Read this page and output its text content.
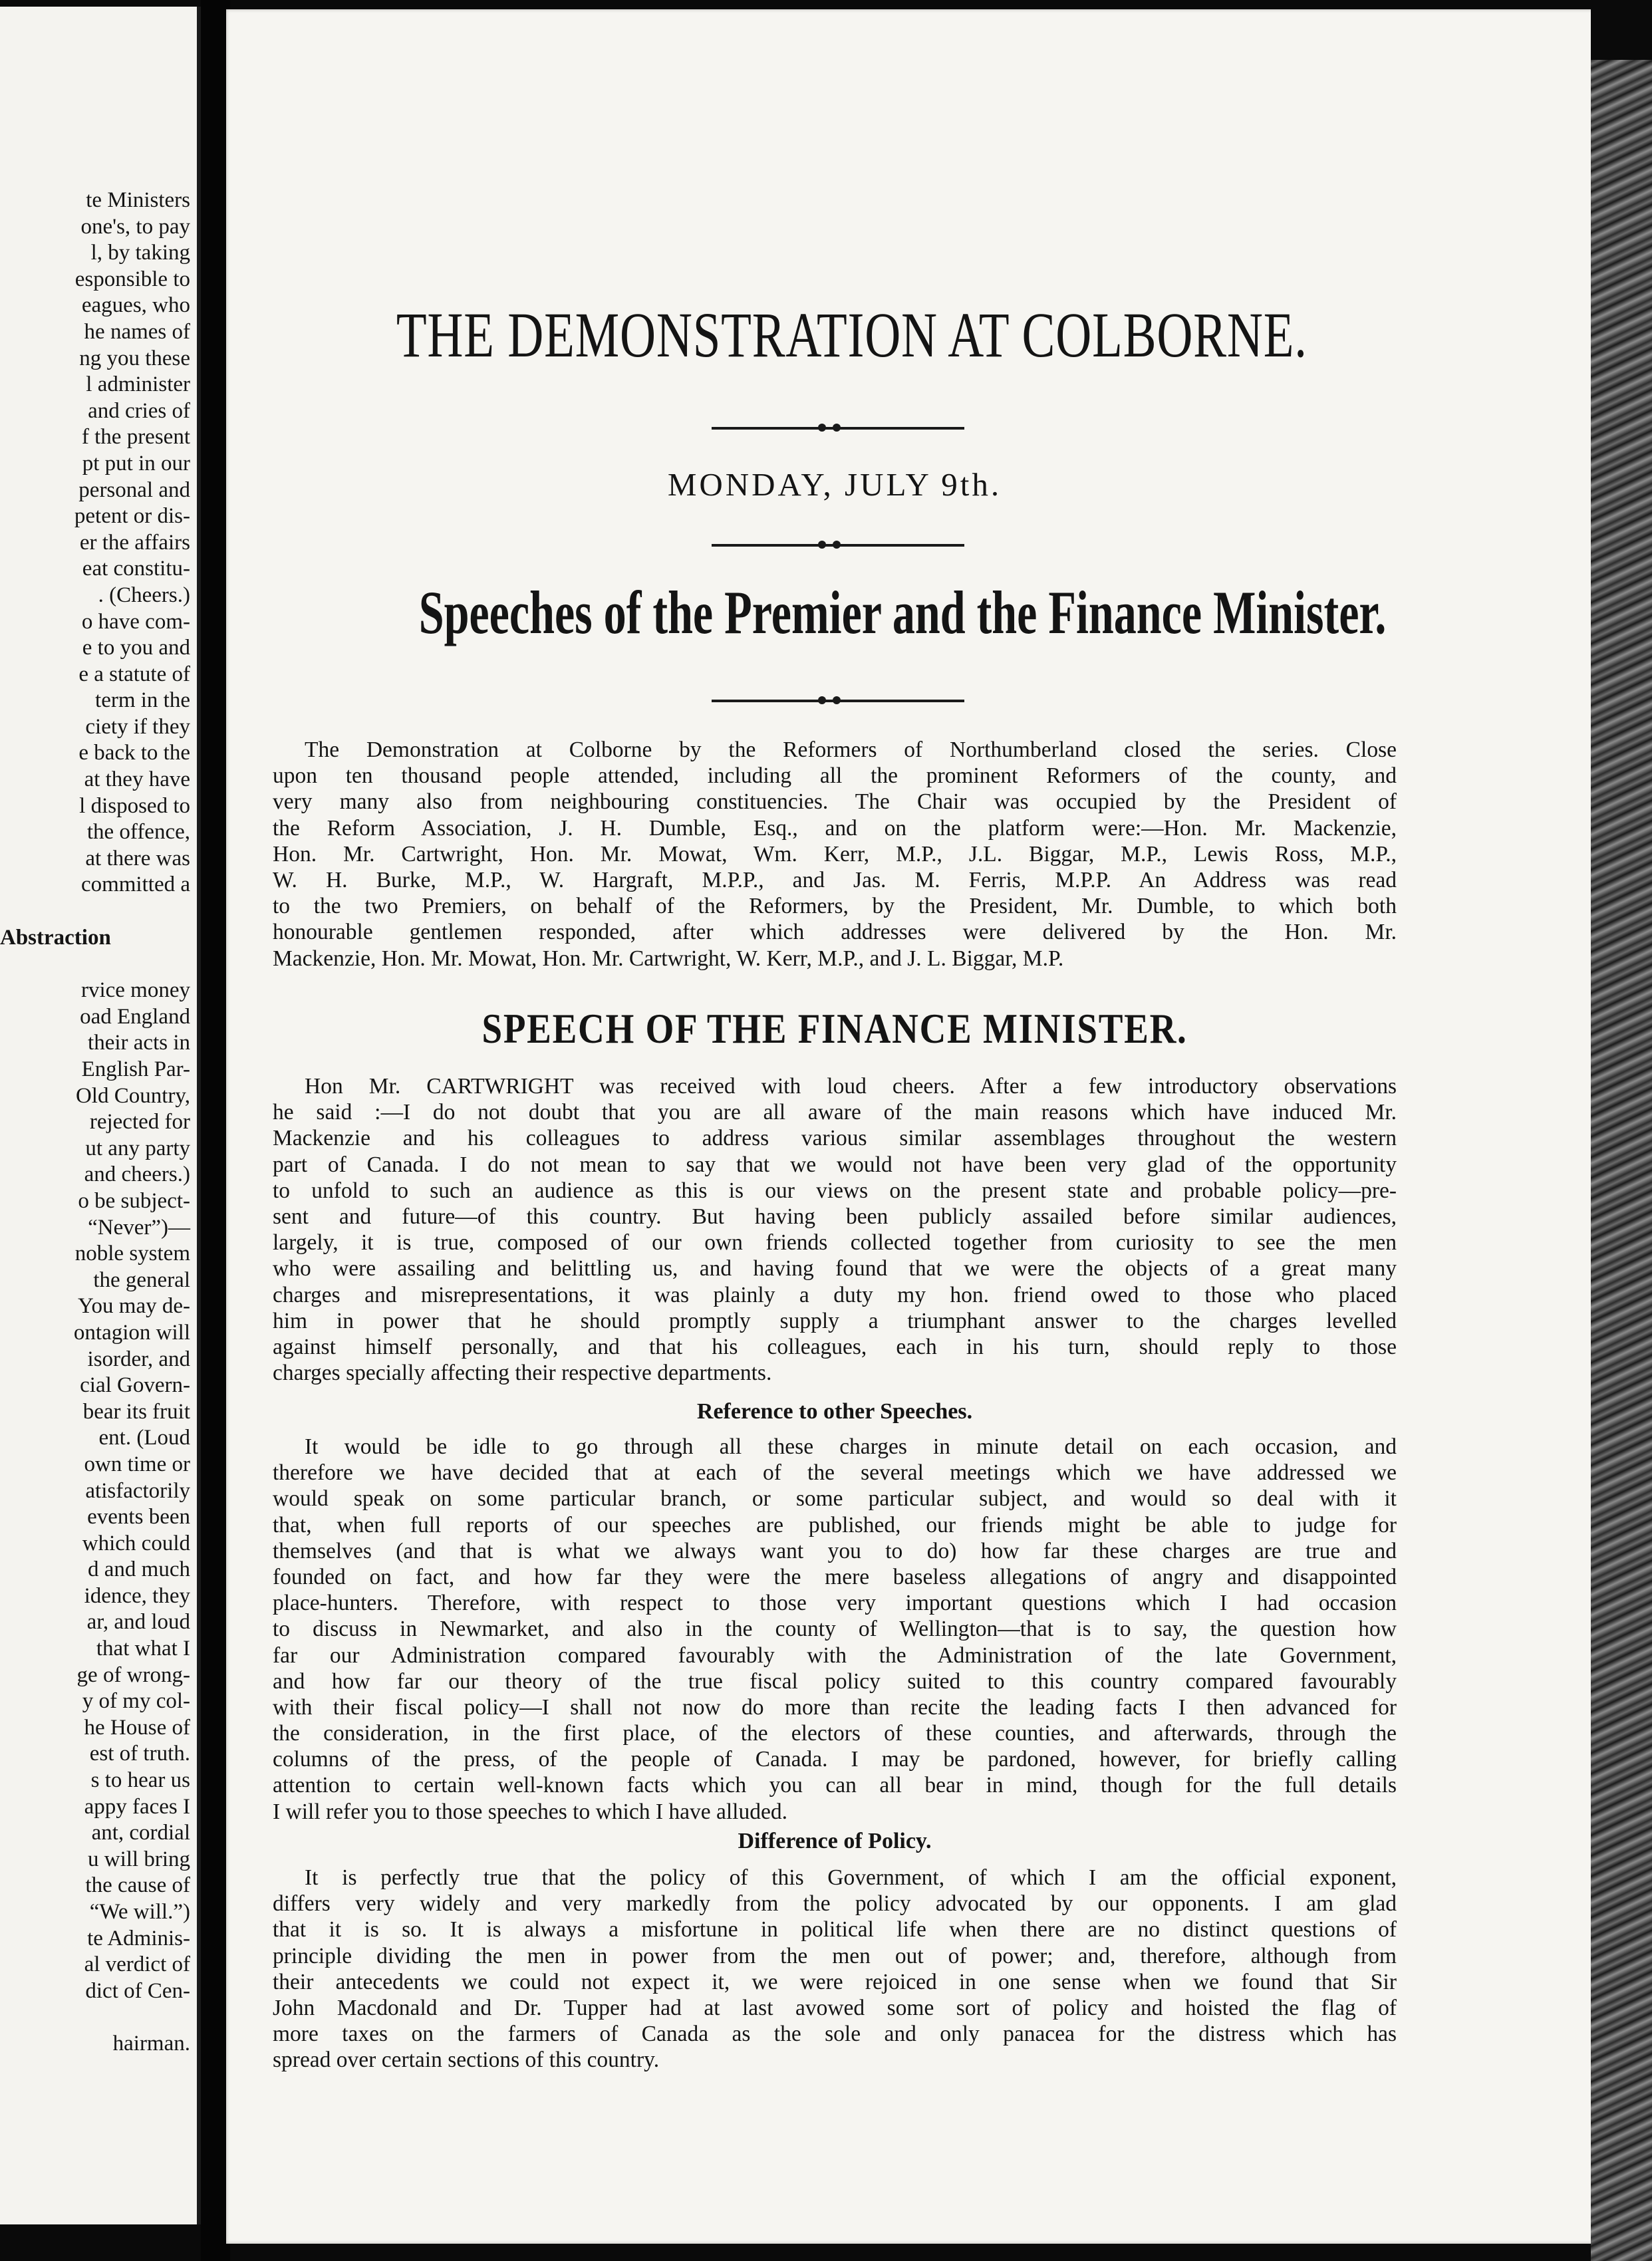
te Ministers
one's, to pay
l, by taking
esponsible to
eagues, who
he names of
ng you these
l administer
and cries of
f the present
pt put in our
personal and
petent or dis-
er the affairs
eat constitu-
. (Cheers.)
o have com-
e to you and
e a statute of
term in the
ciety if they
e back to the
at they have
l disposed to
the offence,
at there was
committed a
Abstraction
rvice money
oad England
their acts in
English Par-
Old Country,
rejected for
ut any party
and cheers.)
o be subject-
“Never”)—
noble system
the general
You may de-
ontagion will
isorder, and
cial Govern-
bear its fruit
ent. (Loud
own time or
atisfactorily
events been
which could
d and much
idence, they
ar, and loud
that what I
ge of wrong-
y of my col-
he House of
est of truth.
s to hear us
appy faces I
ant, cordial
u will bring
the cause of
“We will.”)
te Adminis-
al verdict of
dict of Cen-
hairman.
THE DEMONSTRATION AT COLBORNE.
MONDAY, JULY 9th.
Speeches of the Premier and the Finance Minister.
The Demonstration at Colborne by the Reformers of Northumberland closed the series. Close
upon ten thousand people attended, including all the prominent Reformers of the county, and
very many also from neighbouring constituencies. The Chair was occupied by the President of
the Reform Association, J. H. Dumble, Esq., and on the platform were:—Hon. Mr. Mackenzie,
Hon. Mr. Cartwright, Hon. Mr. Mowat, Wm. Kerr, M.P., J.L. Biggar, M.P., Lewis Ross, M.P.,
W. H. Burke, M.P., W. Hargraft, M.P.P., and Jas. M. Ferris, M.P.P. An Address was read
to the two Premiers, on behalf of the Reformers, by the President, Mr. Dumble, to which both
honourable gentlemen responded, after which addresses were delivered by the Hon. Mr.
Mackenzie, Hon. Mr. Mowat, Hon. Mr. Cartwright, W. Kerr, M.P., and J. L. Biggar, M.P.
SPEECH OF THE FINANCE MINISTER.
Hon Mr. CARTWRIGHT was received with loud cheers. After a few introductory observations
he said :—I do not doubt that you are all aware of the main reasons which have induced Mr.
Mackenzie and his colleagues to address various similar assemblages throughout the western
part of Canada. I do not mean to say that we would not have been very glad of the opportunity
to unfold to such an audience as this is our views on the present state and probable policy—pre-
sent and future—of this country. But having been publicly assailed before similar audiences,
largely, it is true, composed of our own friends collected together from curiosity to see the men
who were assailing and belittling us, and having found that we were the objects of a great many
charges and misrepresentations, it was plainly a duty my hon. friend owed to those who placed
him in power that he should promptly supply a triumphant answer to the charges levelled
against himself personally, and that his colleagues, each in his turn, should reply to those
charges specially affecting their respective departments.
Reference to other Speeches.
It would be idle to go through all these charges in minute detail on each occasion, and
therefore we have decided that at each of the several meetings which we have addressed we
would speak on some particular branch, or some particular subject, and would so deal with it
that, when full reports of our speeches are published, our friends might be able to judge for
themselves (and that is what we always want you to do) how far these charges are true and
founded on fact, and how far they were the mere baseless allegations of angry and disappointed
place-hunters. Therefore, with respect to those very important questions which I had occasion
to discuss in Newmarket, and also in the county of Wellington—that is to say, the question how
far our Administration compared favourably with the Administration of the late Government,
and how far our theory of the true fiscal policy suited to this country compared favourably
with their fiscal policy—I shall not now do more than recite the leading facts I then advanced for
the consideration, in the first place, of the electors of these counties, and afterwards, through the
columns of the press, of the people of Canada. I may be pardoned, however, for briefly calling
attention to certain well-known facts which you can all bear in mind, though for the full details
I will refer you to those speeches to which I have alluded.
Difference of Policy.
It is perfectly true that the policy of this Government, of which I am the official exponent,
differs very widely and very markedly from the policy advocated by our opponents. I am glad
that it is so. It is always a misfortune in political life when there are no distinct questions of
principle dividing the men in power from the men out of power; and, therefore, although from
their antecedents we could not expect it, we were rejoiced in one sense when we found that Sir
John Macdonald and Dr. Tupper had at last avowed some sort of policy and hoisted the flag of
more taxes on the farmers of Canada as the sole and only panacea for the distress which has
spread over certain sections of this country.
